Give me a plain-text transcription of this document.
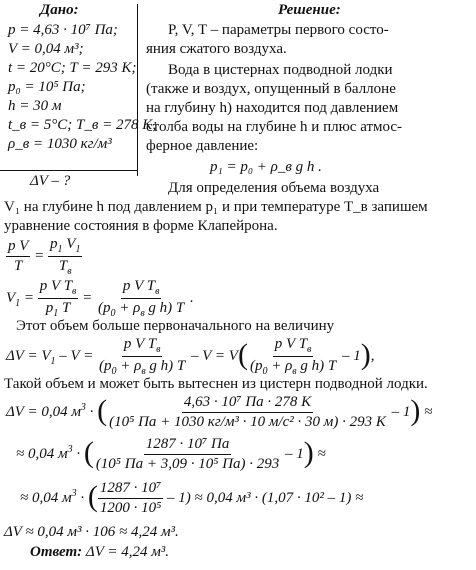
Дано:
p = 4,63 · 10⁷ Па;
V = 0,04 м³;
t = 20°С; T = 293 K;
p₀ = 10⁵ Па;
h = 30 м
t_в = 5°С; T_в = 278 K;
ρ_в = 1030 кг/м³
ΔV – ?
Решение:
P, V, T – параметры первого состо-
яния сжатого воздуха.
Вода в цистернах подводной лодки
(также и воздух, опущенный в баллоне
на глубину h) находится под давлением
столба воды на глубине h и плюс атмос-
ферное давление:
p₁ = p₀ + ρ_в g h .
Для определения объема воздуха
V₁ на глубине h под давлением p₁ и при температуре T_в запишем
уравнение состояния в форме Клапейрона.
$\frac{\text{p V}}{T} = \frac{p_1 V_1}{T_в}$
$V_1 = \frac{p V T_в}{p_1 T} = \frac{p V T_в}{(p_0 + \rho_в g h) T}$ .
Этот объем больше первоначального на величину
$\Delta V = V_1 - V = \frac{p V T_в}{(p_0 + \rho_в g h) T} - V = V( \frac{p V T_в}{(p_0 + \rho_в g h) T} - 1)$,
Такой объем и может быть вытеснен из цистерн подводной лодки.
ΔV = 0,04 $м^3$ · ( $\frac{\text{4,63 · 10⁷ Па · 278 K}}{\text{(10⁵ Па + 1030 кг/м³ · 10 м/с² · 30 м) · 293 K}} - 1$) ≈
≈ 0,04 $м^3$ · ( $\frac{\text{1287 · 10⁷ Па}}{\text{(10⁵ Па + 3,09 · 10⁵ Па) · 293}} - 1$) ≈
≈ 0,04 $м^3$ · ( $\frac{\text{1287 · 10⁷}}{\text{1200 · 10⁵}} - 1) \approx 0,04$ м³ · (1,07 · 10² – 1) ≈
ΔV ≈ 0,04 м³ · 106 ≈ 4,24 м³.
Ответ: ΔV = 4,24 м³.
